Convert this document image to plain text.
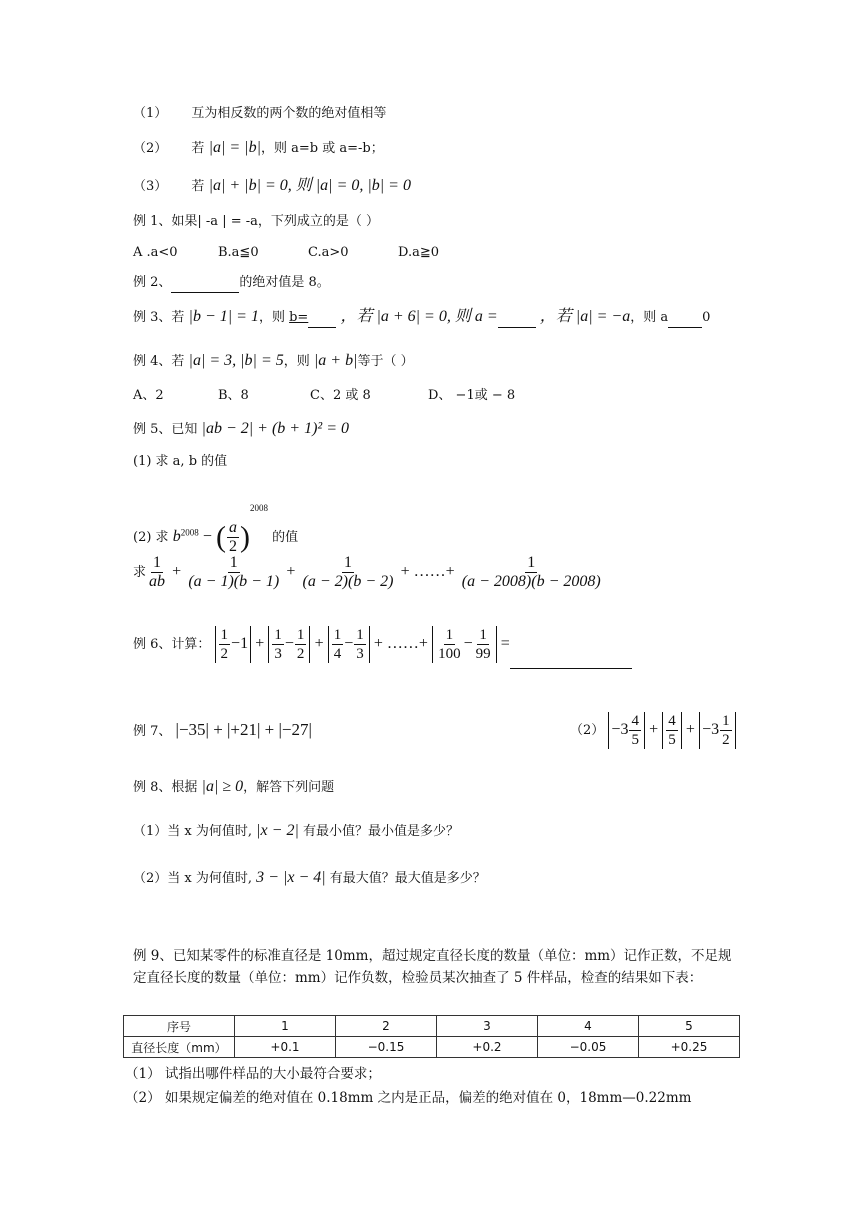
（1） 互为相反数的两个数的绝对值相等
（2） 若 |a| = |b|，则 a=b 或 a=-b；
（3） 若 |a| + |b| = 0, 则 |a| = 0, |b| = 0
例 1、如果| -a | = -a，下列成立的是（ ）
A .a<0	B.a≦0	C.a>0	D.a≧0
例 2、	的绝对值是 8。
例 3、若 |b − 1| = 1，则 b= ，若 |a + 6| = 0, 则 a =	，若 |a| = −a，则 a	0
例 4、若 |a| = 3, |b| = 5，则 |a + b|等于（ ）
A、2	B、8	C、2 或 8	D、 −1或 − 8
例 5、已知 |ab − 2| + (b + 1)² = 0
(1) 求 a, b 的值
(2) 求 $b^{2008}$ − ( $\frac{a}{2} )^{2008}$ 的值
求 $\frac{1}{ab} + \frac{1}{(a - 1)(b - 1)} + \frac{1}{(a - 2)(b - 2)}$ + ……+ $\frac{1}{(a - 2008)(b - 2008)}$
例 6、计算： $\frac{1}{2} -1 + \frac{1}{3} - \frac{1}{2} + \frac{1}{4} - \frac{1}{3}$ + ……+ $\frac{1}{100} - \frac{1}{99}$ =
例 7、 |−35| + |+21| + |−27|	$(2) -3 \frac{4}{5} + \frac{4}{5} + -3 \frac{1}{2}$
例 8、根据 |a| ≥ 0，解答下列问题
（1）当 x 为何值时, |x − 2| 有最小值？最小值是多少？
（2）当 x 为何值时, 3 − |x − 4| 有最大值？最大值是多少？
例 9、已知某零件的标准直径是 10mm，超过规定直径长度的数量（单位：mm）记作正数，不足规定直径长度的数量（单位：mm）记作负数，检验员某次抽查了 5 件样品，检查的结果如下表：
序号	1	2	3	4	5
直径长度（mm）	+0.1	−0.15	+0.2	−0.05	+0.25
（1） 试指出哪件样品的大小最符合要求；
（2） 如果规定偏差的绝对值在 0.18mm 之内是正品，偏差的绝对值在 0，18mm—0.22mm
